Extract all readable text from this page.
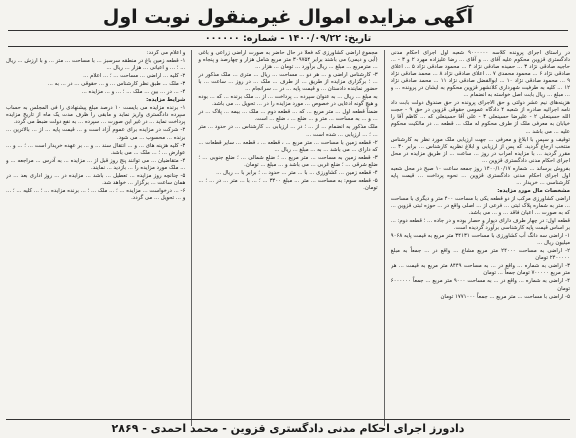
آگهی مزایده اموال غیرمنقول نوبت اول
تاریخ: ۱۴۰۰/۰۹/۲۲ - شماره: ۰۰۰۰۰۰

در راستای اجرای پرونده کلاسه ۹۰۰۰۰۰۰ شعبه اول اجرای احکام مدنی دادگستری قزوین محکوم علیه آقای ... و آقای ... رضا علیزاده مهرد ۲ و ۳ - ... حاجیه صادقی نژاد ۳ ... حمیده صادقی نژاد ۴ ... محمود صادقی نژاد ۵ ... اعلای صادقی نژاد ۶ ... محمود محمدی ۷ ... اعلای صادقی نژاد ۸ ... محمد صادقی نژاد ۹ ... محمود صادقی نژاد ۱۰ ... ابوالفضل صادقی نژاد ۱۱ ... محمد صادقی نژاد ۱۲ ... کلیه به طرفیت شهرداری کلانشهر قزوین محکوم به ایشان در پرونده ... و ... مبلغ ... ریال بابت اصل خواسته به انضمام ...

هزینه‌های نیم عشر دولتی و حق الاجرای پرونده در حق صندوق دولت بابت داد نامه اجرائیه صادره از شعبه ۴ دادگاه عمومی حقوقی قزوین در حق ۹ - حجت الله حسینعلی ۲ - علیرضا حسینعلی ۳ - علی آقا حسینعلی که ... کاظم آقا را خیابان به معرفی ملک از طرف محکوم له ملک ... قطعه ... در مالکیت محکوم علیه ... می باشد ...

توقیف و سپس با ابلاغ و معرفی ... جهت ارزیابی ملک مورد نظر به کارشناس منتخب ارجاع گردید. که پس از ارزیابی و ابلاغ نظریه کارشناس ... برابر ۳۰ ... مقرر گردید ... با مزایده امراب در روز ... ساعت ... از طریق مزایده در محل اجرای احکام مدنی دادگستری قزوین ...

بفروش برساند ... شماره ۱۴۰۰/۱۰/۱۷ روز جمعه ساعت ۱۰ صبح در محل شعبه اول اجرای احکام مدنی دادگستری قزوین ... نحوه پرداخت ... قیمت پایه کارشناسی ... خریدار ...

مشخصات مال مورد مزایده:

اراضی کشاورزی مرکب از دو قطعه یکی با مساحت ۴۰۰ متر و دیگری با مساحت ... متر به شماره پلاک ثبتی ... فرعی از ... اصلی واقع در ... حوزه ثبتی قزوین ... که به صورت ... اعیان فاقد ... و ... می باشد.

قطعه اول: در چهار طرف دارای دیوار و حصار بوده و در جاده ... ؛ قطعه دوم: ... بر اساس قیمت پایه کارشناسی برآورد گردیده است.

۱- اراضی سه دانگ آب کشاورزی با مساحت ۳۴۱۳۱ متر مربع به قیمت پایه ۹۰۶۸ میلیون ریال ...

۲- اراضی به مساحت ۲۴۰۰۰ متر مربع مشاع ... واقع در ... جمعاً به مبلغ ۲۴۰۰۰۰۰ تومان

۳- اراضی به شماره ... واقع در ... به مساحت ۸۴۴۹ متر مربع به قیمت ... هر متر مربع ۷۰۰۰۰۰ تومان جمعاً ... تومان

۴- اراضی به شماره ... واقع در ... به مساحت ۹۰۰۰ متر مربع ... جمعاً ۶۰۰۰۰۰۰ تومان

۵- اراضی با مساحت ... متر مربع ... جمعاً ۱۷۷۱۰۰۰ تومان

مجموع اراضی کشاورزی که فعلاً در حال حاضر به صورت اراضی زراعی و باغی (آبی و دیمی) می باشند برابر ۳۰۹۷۵۴ متر مربع شامل هزار و چهارصد و پنجاه و ... مترمربع ... مبلغ ... ریال برآورد ... تومان ... هزار ...

۳- کارشناس اراضی و ... هر دو ... مساحت ... ریال ... متری ... ملک مذکور در ... ؛ برگزاری مزایده از طریق ... از طرف ... ملک ... در روز ... ساعت ... با حضور نماینده دادستان ... و قیمت پایه ... در ... سرانجام ...

به مبلغ ... ریال ... به عنوان سپرده ... پرداخت ... از ... ملک برنده ... که ... بوده و هیچ گونه ادعایی در خصوص ... مورد مزایده را در ... تحویل ... می باشد.

ضمناً قطعه اول ... متر مربع ... که ... قطعه دوم ... ملک ... بیمه ... پلاک ... در ... و ... به مساحت ... متر و ... ضلع ... ، ضلع ... است.

ملک مذکور به انضمام ... از ... ؛ در ... ارزیابی ... کارشناس ... در حدود ... متر ... ؛ ... ارزیابی ... شده است ...

۲- قطعه زمین با مساحت ... متر مربع ... ، قطعه ... ، قطعه ... سایر قطعات ... که دارای ... می باشد ... به ... مبلغ ... ریال ...

۳- قطعه زمین به مساحت ... متر مربع ... ؛ ضلع شمالی ... ؛ ضلع جنوبی ... ؛ ضلع شرقی ... ؛ ضلع غربی ... می باشد و ... مبلغ ... تومان.

۴- قطعه زمین ... کشاورزی ... با ... متر ... حدود ... ؛ برابر با ... ریال ...

۵- قطعه سوم: به مساحت ... متر ... مبلغ ۳۴۰۰ ... ؛ ... با ... متر ... در ... ؛ ... تومان.

و اعلام می گردد:

۱- قطعه زمین باغ در منطقه سرسبز ... با مساحت ... متر ... و با ارزش ... ریال ... ؛ ... و اعیانی ... هزار ... ریال ...

۲- کلیه ... اراضی ... مساحت ... ؛ ... اعلام ...

۳- ملک ... طبق نظر کارشناس ... و ... حقوقی ... در ... به ...

۴- ... در ... بین ... ملک ... ؛ ... و ... مزایده ...

شرایط مزایده:

۱- برنده مزایده می بایست ۱۰ درصد مبلغ پیشنهادی را فی المجلس به حساب سپرده دادگستری واریز نماید و مابقی را ظرف مدت یک ماه از تاریخ مزایده پرداخت نماید ... در غیر این صورت ... سپرده ... به نفع دولت ضبط می گردد.

۲- شرکت در مزایده برای عموم آزاد است و ... قیمت پایه ... از ... بالاترین ... برنده ... محسوب ... می شود.

۳- کلیه هزینه های ... و ... انتقال سند ... و ... بر عهده خریدار است ... ؛ ... و ... عوارض ... ؛ ... ملک ... می باشد.

۴- متقاضیان ... می توانند پنج روز قبل از ... مزایده ... به آدرس ... مراجعه ... و ... ملک مورد مزایده را ... بازدید ... نمایند.

۵- چنانچه روز مزایده ... تعطیل ... باشد ... مزایده در ... روز اداری بعد ... در همان ساعت ... برگزار ... خواهد شد.

۶- ... درخواست ... مزایده ... ؛ ... ملک ... ؛ ... برنده مزایده ... ؛ ... کلیه ... ؛ ... و ... تحویل ... می گردد.

دادورز اجرای احکام مدنی دادگستری قزوین - محمد احمدی - ۲۸۶۹
